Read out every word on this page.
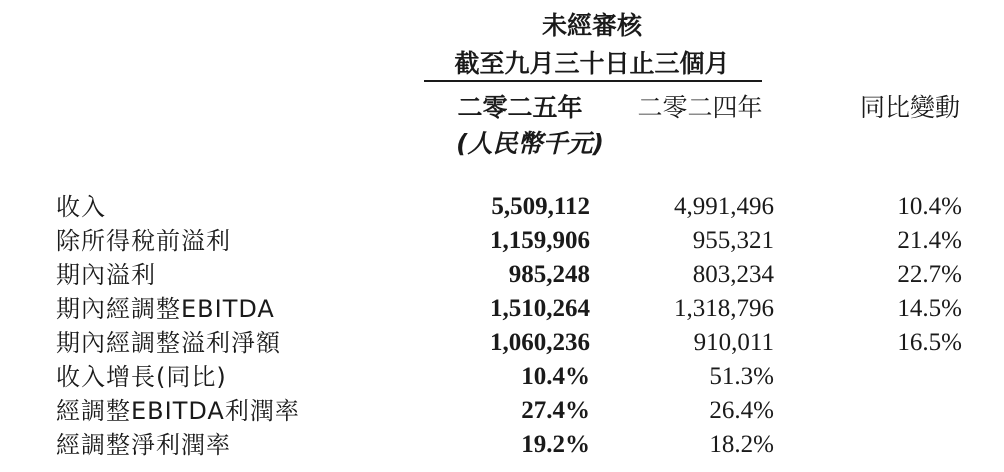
未經審核
截至九月三十日止三個月
二零二五年	二零二四年	同比變動
(人民幣千元)
收入	5,509,112	4,991,496	10.4%
除所得稅前溢利	1,159,906	955,321	21.4%
期內溢利	985,248	803,234	22.7%
期內經調整EBITDA	1,510,264	1,318,796	14.5%
期內經調整溢利淨額	1,060,236	910,011	16.5%
收入增長(同比)	10.4%	51.3%
經調整EBITDA利潤率	27.4%	26.4%
經調整淨利潤率	19.2%	18.2%
